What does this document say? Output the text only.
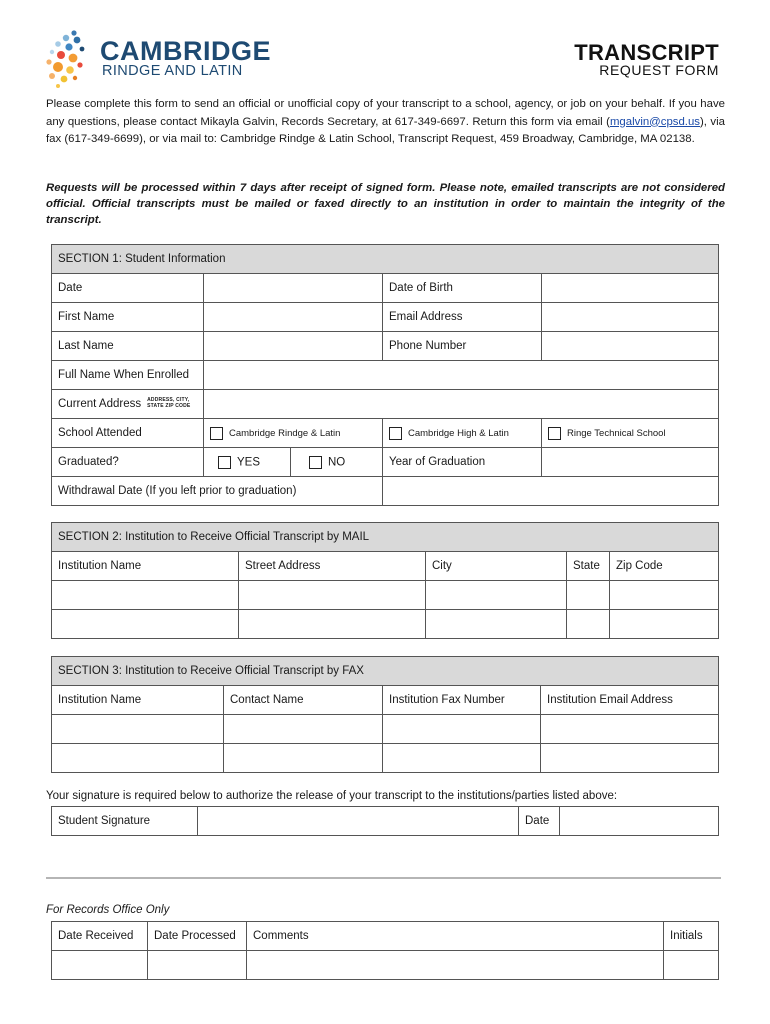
CAMBRIDGE
RINDGE AND LATIN
TRANSCRIPT
REQUEST FORM
Please complete this form to send an official or unofficial copy of your transcript to a school, agency, or job on your behalf. If you have any questions, please contact Mikayla Galvin, Records Secretary, at 617-349-6697. Return this form via email (mgalvin@cpsd.us), via fax (617-349-6699), or via mail to: Cambridge Rindge & Latin School, Transcript Request, 459 Broadway, Cambridge, MA 02138.
Requests will be processed within 7 days after receipt of signed form. Please note, emailed transcripts are not considered official. Official transcripts must be mailed or faxed directly to an institution in order to maintain the integrity of the transcript.
SECTION 1: Student Information				
Date			Date of Birth	
First Name			Email Address	
Last Name			Phone Number	
Full Name When Enrolled				
Current Address ADDRESS, CITY,
STATE ZIP CODE				
School Attended	Cambridge Rindge & Latin		Cambridge High & Latin	Ringe Technical School
Graduated?	YES	NO	Year of Graduation	
Withdrawal Date (If you left prior to graduation)				
SECTION 2: Institution to Receive Official Transcript by MAIL				
Institution Name	Street Address	City	State	Zip Code

SECTION 3: Institution to Receive Official Transcript by FAX			
Institution Name	Contact Name	Institution Fax Number	Institution Email Address

Your signature is required below to authorize the release of your transcript to the institutions/parties listed above:
Student Signature		Date	
For Records Office Only
Date Received	Date Processed	Comments	Initials
